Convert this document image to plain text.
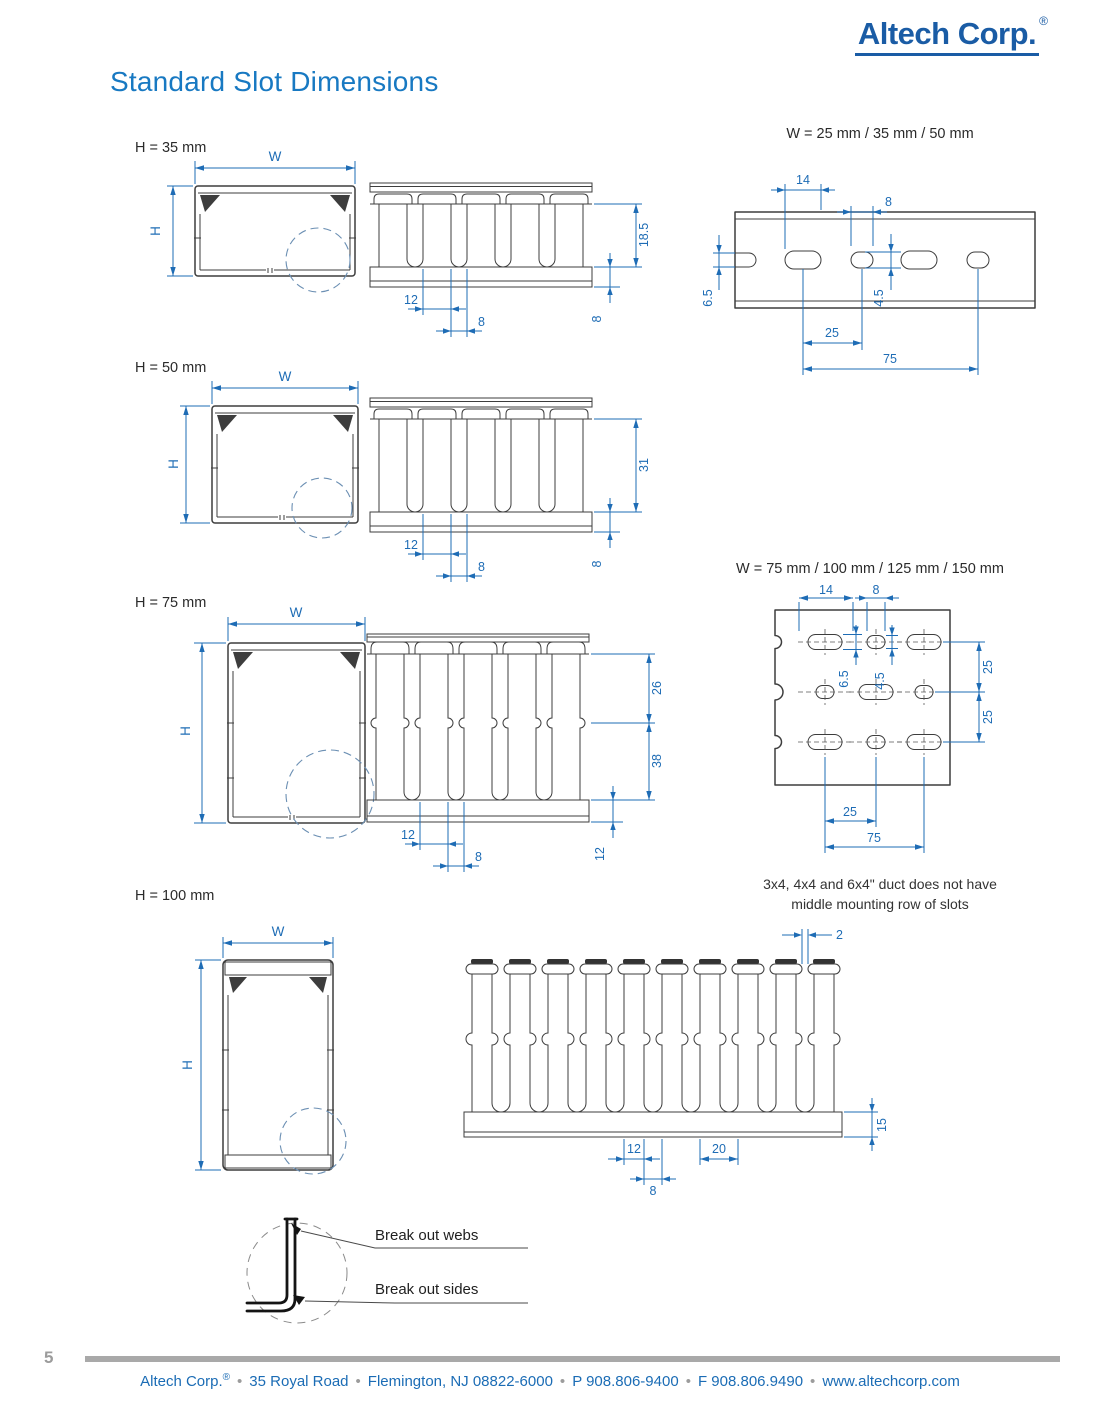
Altech Corp. ®
Standard Slot Dimensions
H = 35 mm
W
H	18.5
8
12
8
W = 25 mm / 35 mm / 50 mm
14
8
6.5	4.5
25
75
H = 50 mm
W
H	31
8
12
8
H = 75 mm
W
H
26
38
12
12
8
W = 75 mm / 100 mm / 125 mm / 150 mm
14	8
6.5 4.5
25
25
25
75
3x4, 4x4 and 6x4" duct does not have
middle mounting row of slots
H = 100 mm
W
H
2
15
12
8
20
Break out webs
Break out sides
5
Altech Corp.® • 35 Royal Road • Flemington, NJ 08822-6000 • P 908.806-9400 • F 908.806.9490 • www.altechcorp.com
